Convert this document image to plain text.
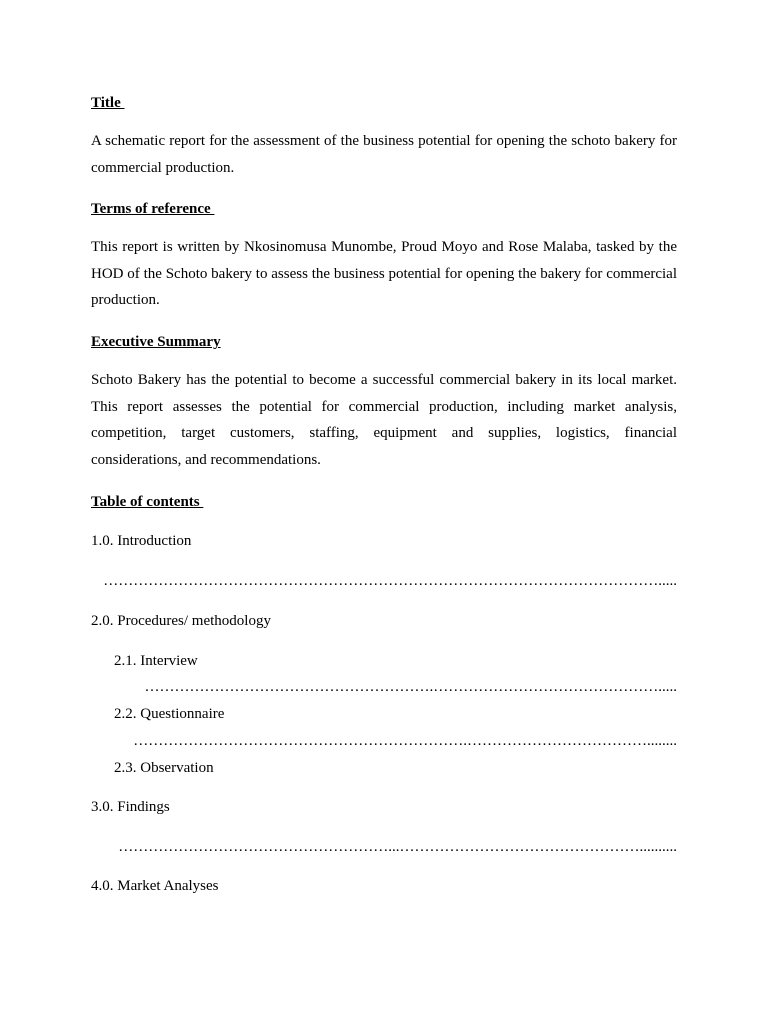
Title
A schematic report for the assessment of the business potential for opening the schoto bakery for commercial production.
Terms of reference
This report is written by Nkosinomusa Munombe, Proud Moyo and Rose Malaba, tasked by the HOD of the Schoto bakery to assess the business potential for opening the bakery for commercial production.
Executive Summary
Schoto Bakery has the potential to become a successful commercial bakery in its local market. This report assesses the potential for commercial production, including market analysis, competition, target customers, staffing, equipment and supplies, logistics, financial considerations, and recommendations.
Table of contents
1.0. Introduction
………………………………………………………………………………………………….....
2.0. Procedures/ methodology
2.1. Interview
………………………………………………….……………………………………….....
2.2. Questionnaire
………………………………………………………….………………………………........
2.3. Observation
3.0. Findings
………………………………………………...…………………………………………..........
4.0. Market Analyses
